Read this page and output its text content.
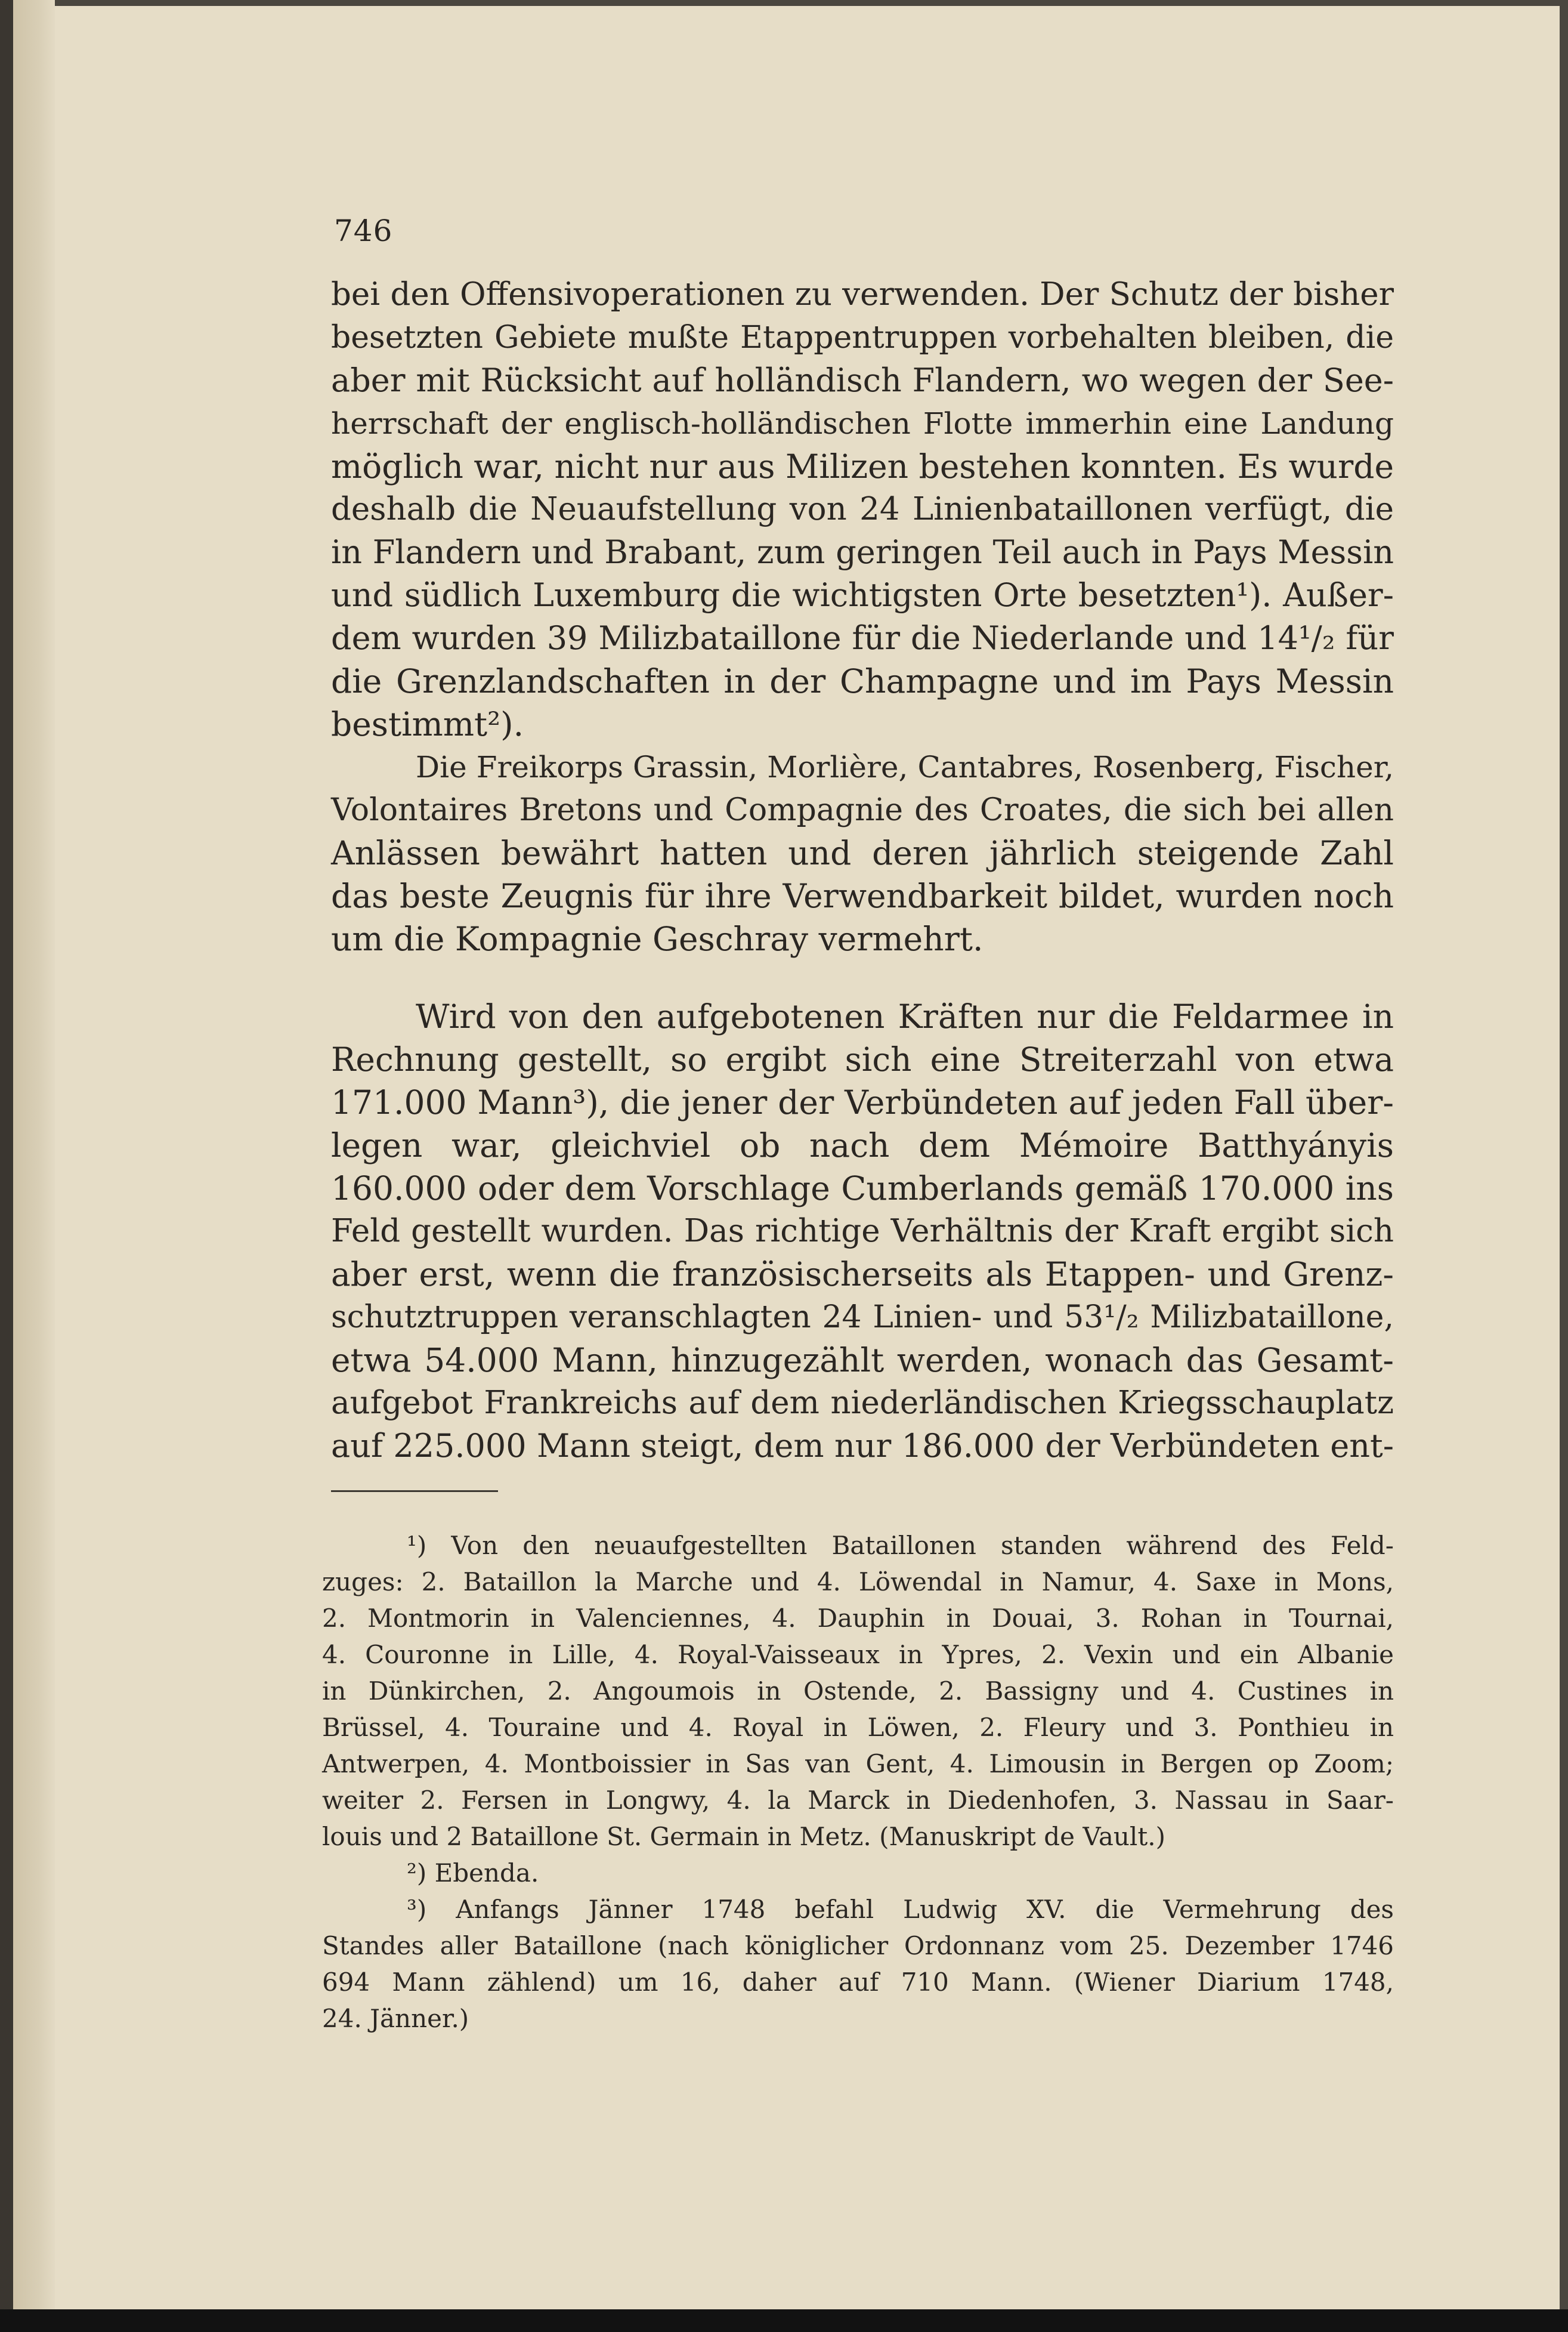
746
bei den Offensivoperationen zu verwenden. Der Schutz der bisher
besetzten Gebiete mußte Etappentruppen vorbehalten bleiben, die
aber mit Rücksicht auf holländisch Flandern, wo wegen der See-
herrschaft der englisch-holländischen Flotte immerhin eine Landung
möglich war, nicht nur aus Milizen bestehen konnten. Es wurde
deshalb die Neuaufstellung von 24 Linienbataillonen verfügt, die
in Flandern und Brabant, zum geringen Teil auch in Pays Messin
und südlich Luxemburg die wichtigsten Orte besetzten¹). Außer-
dem wurden 39 Milizbataillone für die Niederlande und 14¹/₂ für
die Grenzlandschaften in der Champagne und im Pays Messin
bestimmt²).
Die Freikorps Grassin, Morlière, Cantabres, Rosenberg, Fischer,
Volontaires Bretons und Compagnie des Croates, die sich bei allen
Anlässen bewährt hatten und deren jährlich steigende Zahl
das beste Zeugnis für ihre Verwendbarkeit bildet, wurden noch
um die Kompagnie Geschray vermehrt.
Wird von den aufgebotenen Kräften nur die Feldarmee in
Rechnung gestellt, so ergibt sich eine Streiterzahl von etwa
171.000 Mann³), die jener der Verbündeten auf jeden Fall über-
legen war, gleichviel ob nach dem Mémoire Batthyányis
160.000 oder dem Vorschlage Cumberlands gemäß 170.000 ins
Feld gestellt wurden. Das richtige Verhältnis der Kraft ergibt sich
aber erst, wenn die französischerseits als Etappen- und Grenz-
schutztruppen veranschlagten 24 Linien- und 53¹/₂ Milizbataillone,
etwa 54.000 Mann, hinzugezählt werden, wonach das Gesamt-
aufgebot Frankreichs auf dem niederländischen Kriegsschauplatz
auf 225.000 Mann steigt, dem nur 186.000 der Verbündeten ent-
¹) Von den neuaufgestellten Bataillonen standen während des Feld-
zuges: 2. Bataillon la Marche und 4. Löwendal in Namur, 4. Saxe in Mons,
2. Montmorin in Valenciennes, 4. Dauphin in Douai, 3. Rohan in Tournai,
4. Couronne in Lille, 4. Royal-Vaisseaux in Ypres, 2. Vexin und ein Albanie
in Dünkirchen, 2. Angoumois in Ostende, 2. Bassigny und 4. Custines in
Brüssel, 4. Touraine und 4. Royal in Löwen, 2. Fleury und 3. Ponthieu in
Antwerpen, 4. Montboissier in Sas van Gent, 4. Limousin in Bergen op Zoom;
weiter 2. Fersen in Longwy, 4. la Marck in Diedenhofen, 3. Nassau in Saar-
louis und 2 Bataillone St. Germain in Metz. (Manuskript de Vault.)
²) Ebenda.
³) Anfangs Jänner 1748 befahl Ludwig XV. die Vermehrung des
Standes aller Bataillone (nach königlicher Ordonnanz vom 25. Dezember 1746
694 Mann zählend) um 16, daher auf 710 Mann. (Wiener Diarium 1748,
24. Jänner.)
